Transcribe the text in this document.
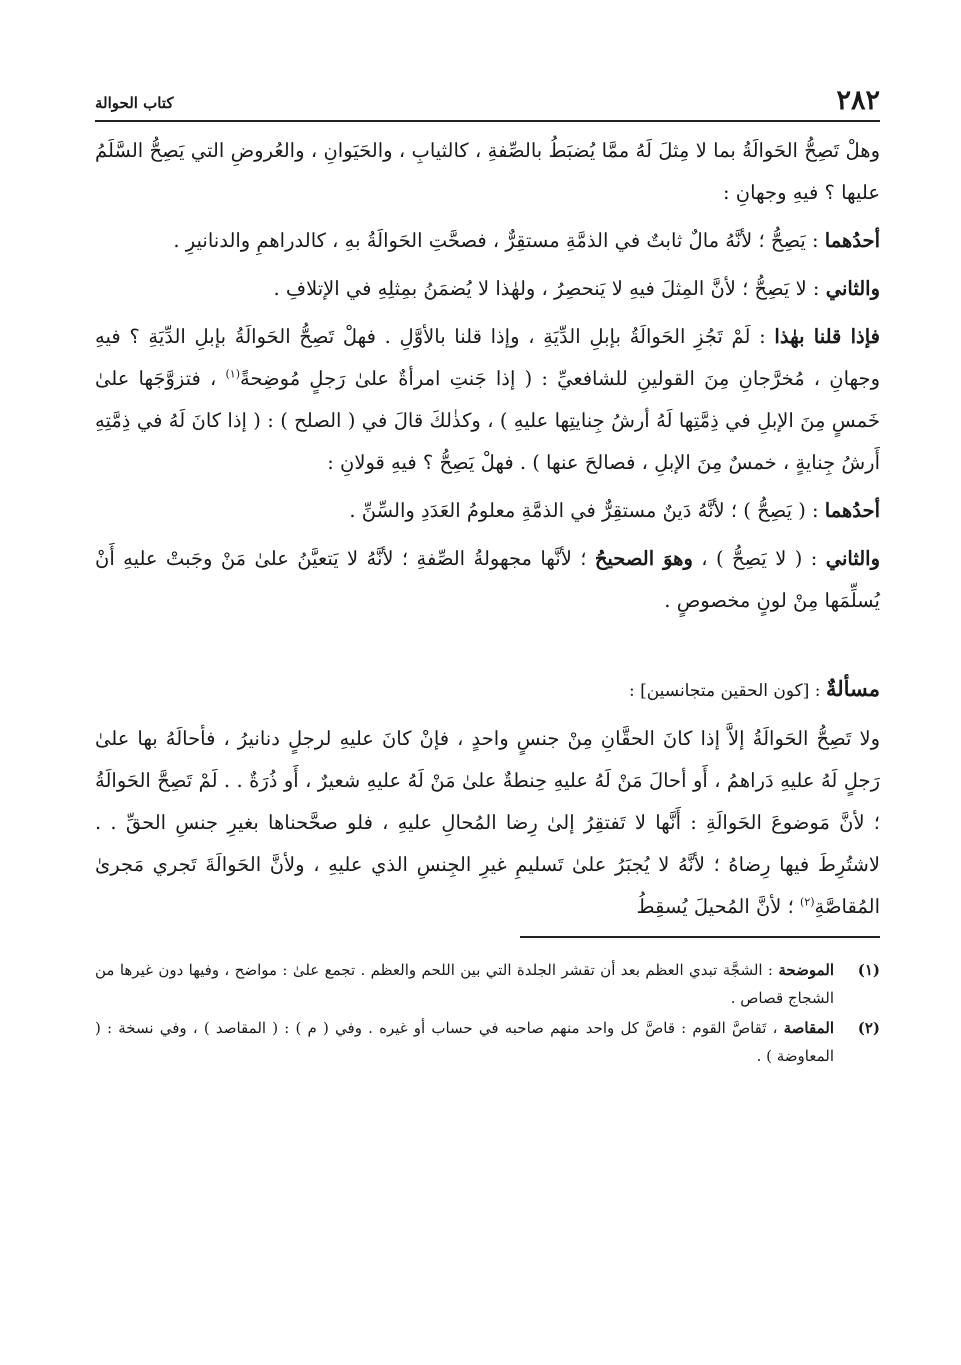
٢٨٢
كتاب الحوالة

وهلْ تَصِحُّ الحَوالَةُ بما لا مِثلَ لَهُ ممَّا يُضبَطُ بالصِّفةِ ، كالثيابِ ، والحَيَوانِ ، والعُروضِ التي يَصِحُّ السَّلَمُ عليها ؟ فيهِ وجهانِ :

أحدُهما : يَصِحُّ ؛ لأنَّهُ مالٌ ثابتٌ في الذمَّةِ مستقِرٌّ ، فصحَّتِ الحَوالَةُ بهِ ، كالدراهمِ والدنانيرِ .

والثاني : لا يَصِحُّ ؛ لأنَّ المِثلَ فيهِ لا يَنحصِرُ ، ولهٰذا لا يُضمَنُ بمِثلِهِ في الإتلافِ .

فإذا قلنا بهٰذا : لَمْ تَجُزِ الحَوالَةُ بإبلِ الدِّيَةِ ، وإذا قلنا بالأوَّلِ . فهلْ تَصِحُّ الحَوالَةُ بإبلِ الدِّيَةِ ؟ فيهِ وجهانِ ، مُخرَّجانِ مِنَ القولينِ للشافعيِّ : ( إذا جَنتِ امرأةٌ علىٰ رَجلٍ مُوضِحةً$^{(١)}$ ، فتزوَّجَها علىٰ خَمسٍ مِنَ الإبلِ في ذِمَّتِها لَهُ أرشُ جِنايتِها عليهِ ) ، وكذٰلكَ قالَ في ( الصلح ) : ( إذا كانَ لَهُ في ذِمَّتِهِ أَرشُ جِنايةٍ ، خمسٌ مِنَ الإبلِ ، فصالحَ عنها ) . فهلْ يَصِحُّ ؟ فيهِ قولانِ :

أحدُهما : ( يَصِحُّ ) ؛ لأنَّهُ دَينٌ مستقِرٌّ في الذمَّةِ معلومُ العَدَدِ والسِّنِّ .

والثاني : ( لا يَصِحُّ ) ، وهوَ الصحيحُ ؛ لأنَّها مجهولةُ الصِّفةِ ؛ لأنَّهُ لا يَتعيَّنُ علىٰ مَنْ وجَبتْ عليهِ أَنْ يُسلِّمَها مِنْ لونٍ مخصوصٍ .

مسألةٌ : [كون الحقين متجانسين] :

ولا تَصِحُّ الحَوالَةُ إلاَّ إذا كانَ الحقَّانِ مِنْ جنسٍ واحدٍ ، فإنْ كانَ عليهِ لرجلٍ دنانيرُ ، فأحالَهُ بها علىٰ رَجلٍ لَهُ عليهِ دَراهمُ ، أَو أحالَ مَنْ لَهُ عليهِ حِنطةٌ علىٰ مَنْ لَهُ عليهِ شعيرٌ ، أَو ذُرَةٌ . . لَمْ تَصِحَّ الحَوالَةُ ؛ لأنَّ مَوضوعَ الحَوالَةِ : أَنَّها لا تَفتقِرُ إلىٰ رِضا المُحالِ عليهِ ، فلو صحَّحناها بغيرِ جنسِ الحقِّ . . لاشتُرِطَ فيها رِضاهُ ؛ لأنَّهُ لا يُجبَرُ علىٰ تَسليمِ غيرِ الجِنسِ الذي عليهِ ، ولأنَّ الحَوالَةَ تَجري مَجرىٰ المُقاصَّةِ$^{(٢)}$ ؛ لأنَّ المُحيلَ يُسقِطُ

(١)
الموضحة : الشجَّة تبدي العظم بعد أن تقشر الجلدة التي بين اللحم والعظم . تجمع علىٰ : مواضح ، وفيها دون غيرها من الشجاج قصاص .
(٢)
المقاصة ، تَقاصَّ القوم : قاصَّ كل واحد منهم صاحبه في حساب أو غيره . وفي ( م ) : ( المقاصد ) ، وفي نسخة : ( المعاوضة ) .
